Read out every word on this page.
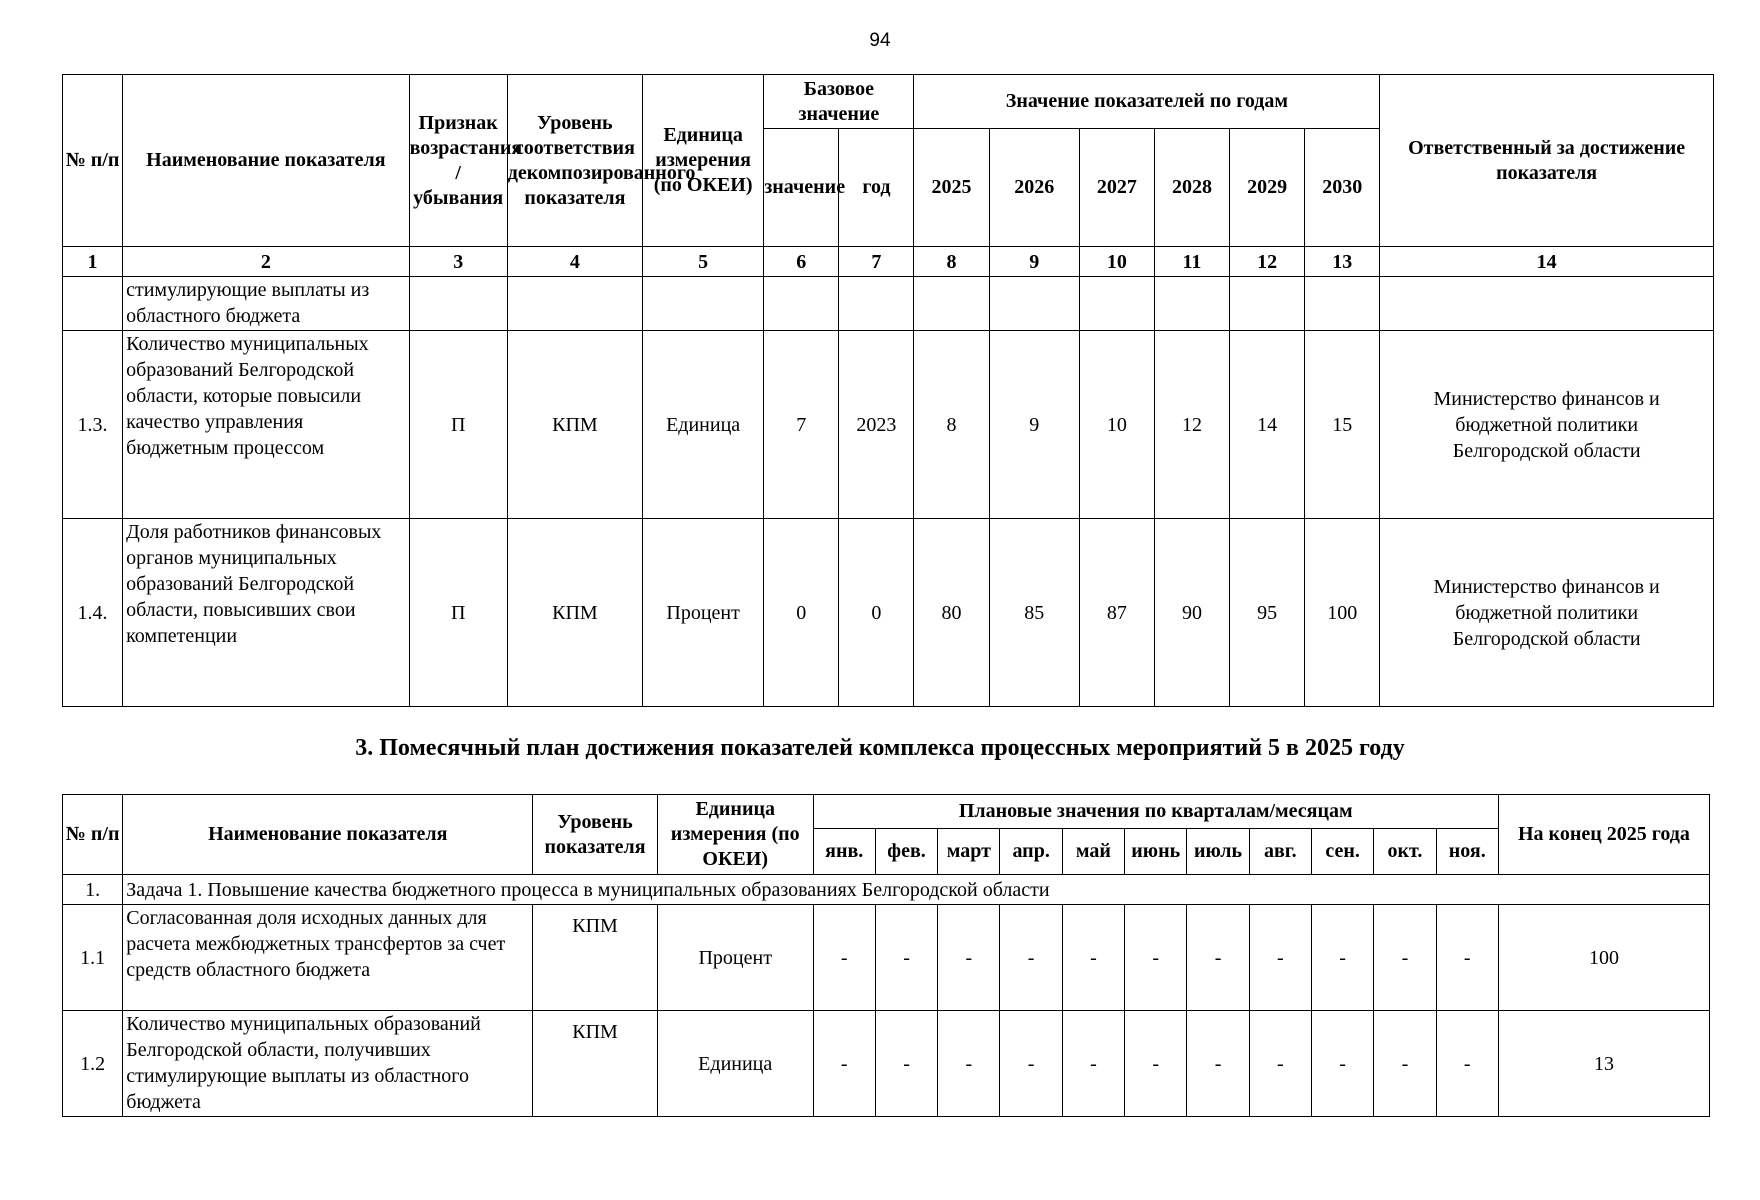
94
№ п/п	Наименование показателя	Признак возрастания / убывания	Уровень соответствия декомпозированного показателя	Единица измерения (по ОКЕИ)	Базовое значение		Значение показателей по годам						Ответственный за достижение показателя
					значение	год	2025	2026	2027	2028	2029	2030	
1	2	3	4	5	6	7	8	9	10	11	12	13	14
	стимулирующие выплаты из областного бюджета												
1.3.	Количество муниципальных образований Белгородской области, которые повысили качество управления бюджетным процессом	П	КПМ	Единица	7	2023	8	9	10	12	14	15	Министерство финансов и бюджетной политики Белгородской области
1.4.	Доля работников финансовых органов муниципальных образований Белгородской области, повысивших свои компетенции	П	КПМ	Процент	0	0	80	85	87	90	95	100	Министерство финансов и бюджетной политики Белгородской области
3. Помесячный план достижения показателей комплекса процессных мероприятий 5 в 2025 году
№ п/п	Наименование показателя	Уровень показателя	Единица измерения (по ОКЕИ)	Плановые значения по кварталам/месяцам											На конец 2025 года
				янв.	фев.	март	апр.	май	июнь	июль	авг.	сен.	окт.	ноя.	
1.	Задача 1. Повышение качества бюджетного процесса в муниципальных образованиях Белгородской области														
1.1	Согласованная доля исходных данных для расчета межбюджетных трансфертов за счет средств областного бюджета	КПМ	Процент	-	-	-	-	-	-	-	-	-	-	-	100
1.2	Количество муниципальных образований Белгородской области, получивших стимулирующие выплаты из областного бюджета	КПМ	Единица	-	-	-	-	-	-	-	-	-	-	-	13
